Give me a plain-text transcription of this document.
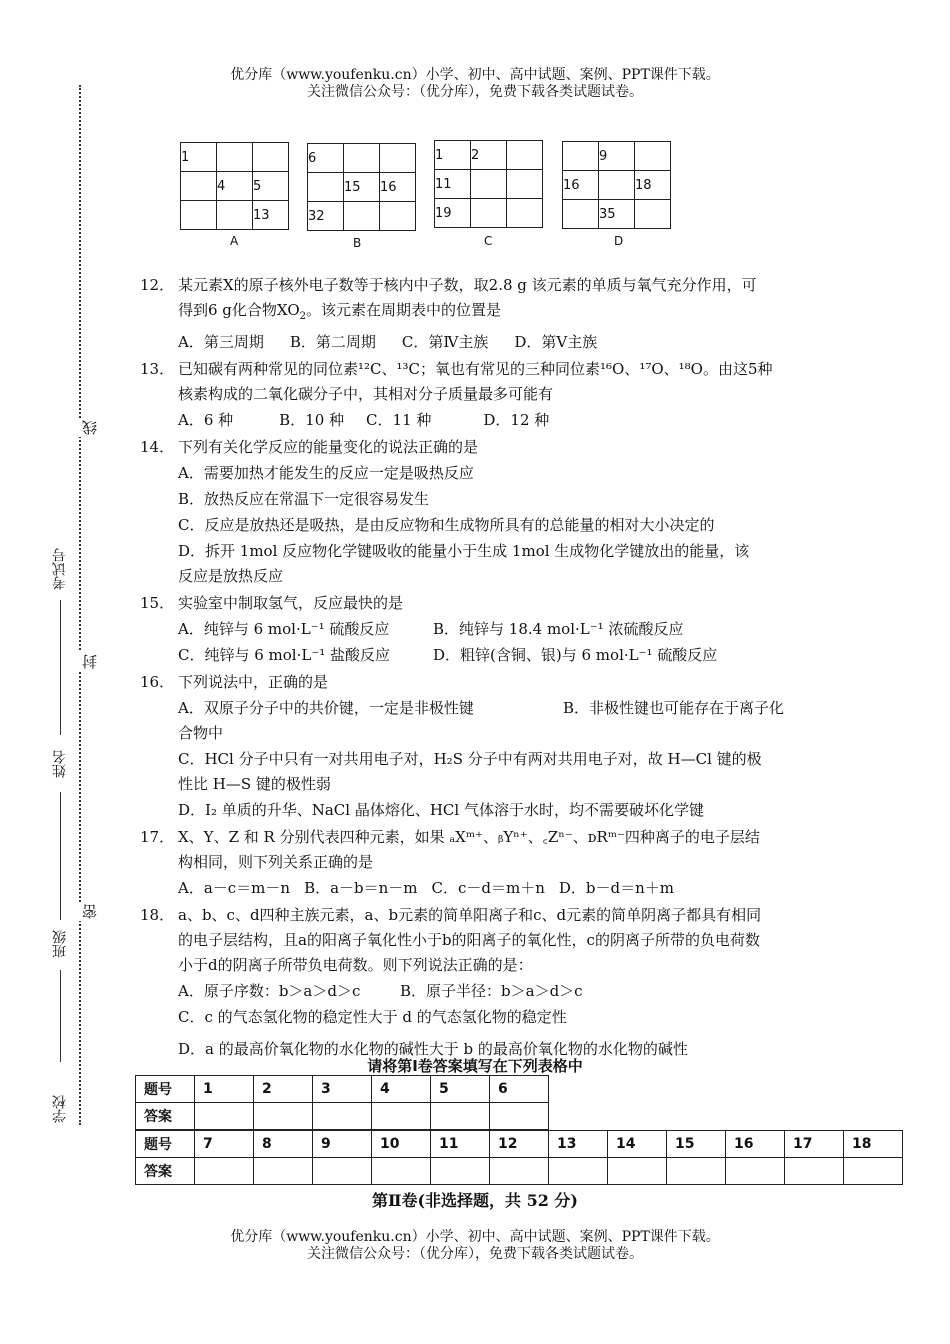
优分库（www.youfenku.cn）小学、初中、高中试题、案例、PPT课件下载。
关注微信公众号：（优分库），免费下载各类试题试卷。
线
封
密
考试号
姓名
班级
学校
1		
	4	5
		13
A
6		
	15	16
32		
B
1	2	
11		
19		
C
	9	
16		18
	35	
D
12． 某元素X的原子核外电子数等于核内中子数，取2.8 g 该元素的单质与氧气充分作用，可
得到6 g化合物$XO_2$。该元素在周期表中的位置是
A．第三周期 B．第二周期 C．第Ⅳ主族 D．第Ⅴ主族
13． 已知碳有两种常见的同位素¹²C、¹³C；氧也有常见的三种同位素¹⁶O、¹⁷O、¹⁸O。由这5种
核素构成的二氧化碳分子中，其相对分子质量最多可能有
A．6 种	B．10 种 C．11 种	D．12 种
14． 下列有关化学反应的能量变化的说法正确的是
A．需要加热才能发生的反应一定是吸热反应
B．放热反应在常温下一定很容易发生
C．反应是放热还是吸热，是由反应物和生成物所具有的总能量的相对大小决定的
D．拆开 1mol 反应物化学键吸收的能量小于生成 1mol 生成物化学键放出的能量，该
反应是放热反应
15． 实验室中制取氢气，反应最快的是
A．纯锌与 6 mol·L⁻¹ 硫酸反应	B．纯锌与 18.4 mol·L⁻¹ 浓硫酸反应
C．纯锌与 6 mol·L⁻¹ 盐酸反应	D．粗锌(含铜、银)与 6 mol·L⁻¹ 硫酸反应
16． 下列说法中，正确的是
A．双原子分子中的共价键，一定是非极性键	B．非极性键也可能存在于离子化
合物中
C．HCl 分子中只有一对共用电子对，H₂S 分子中有两对共用电子对，故 H—Cl 键的极
性比 H—S 键的极性弱
D．I₂ 单质的升华、NaCl 晶体熔化、HCl 气体溶于水时，均不需要破坏化学键
17． X、Y、Z 和 R 分别代表四种元素，如果 ₐXᵐ⁺、ᵦYⁿ⁺、꜀Zⁿ⁻、ᴅRᵐ⁻四种离子的电子层结
构相同，则下列关系正确的是
A．a－c＝m－n B．a－b＝n－m C．c－d＝m＋n D．b－d＝n＋m
18． a、b、c、d四种主族元素，a、b元素的简单阳离子和c、d元素的简单阴离子都具有相同
的电子层结构，且a的阳离子氧化性小于b的阳离子的氧化性，c的阴离子所带的负电荷数
小于d的阴离子所带负电荷数。则下列说法正确的是：
A．原子序数：b＞a＞d＞c	B．原子半径：b＞a＞d＞c
C．c 的气态氢化物的稳定性大于 d 的气态氢化物的稳定性
D．a 的最高价氧化物的水化物的碱性大于 b 的最高价氧化物的水化物的碱性
请将第Ⅰ卷答案填写在下列表格中
题号	1	2	3	4	5	6
答案						
题号	7	8	9	10	11	12	13	14	15	16	17	18
答案												
第Ⅱ卷(非选择题，共 52 分)
优分库（www.youfenku.cn）小学、初中、高中试题、案例、PPT课件下载。
关注微信公众号：（优分库），免费下载各类试题试卷。
